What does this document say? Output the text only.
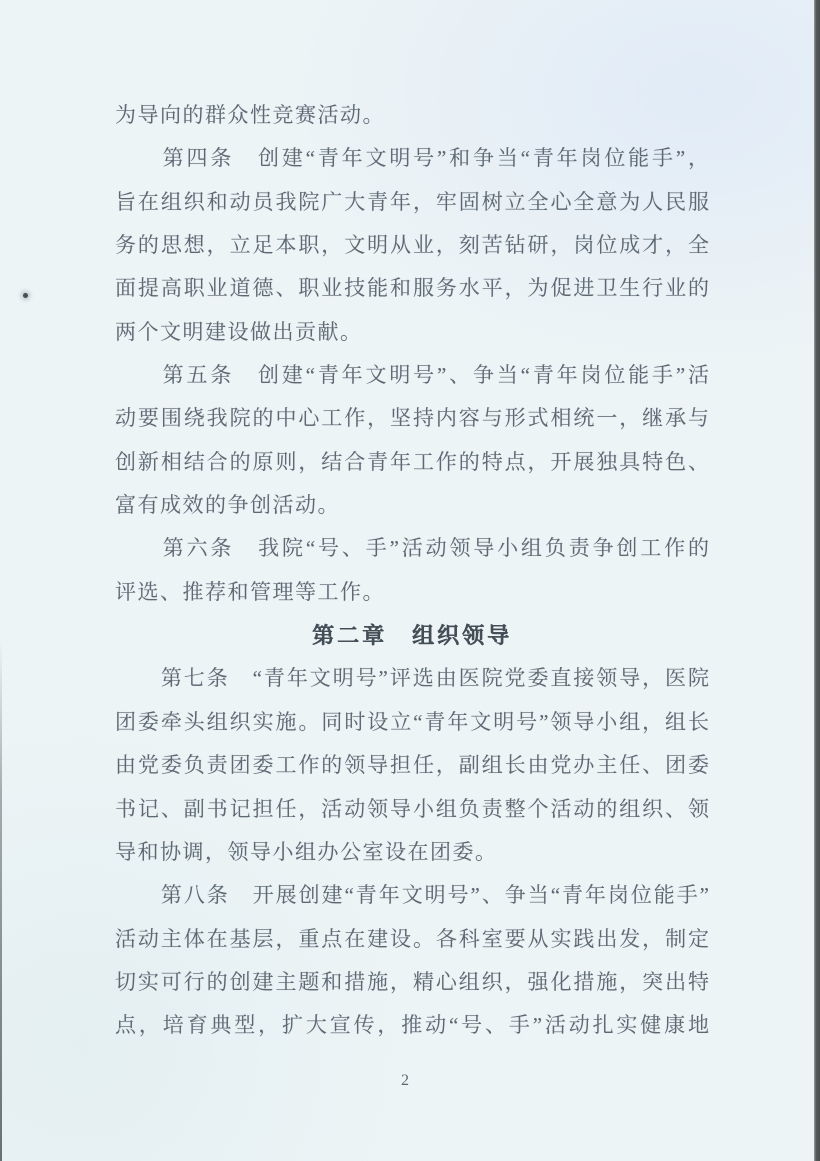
为导向的群众性竞赛活动。
　　第四条　创建“青年文明号”和争当“青年岗位能手”，
旨在组织和动员我院广大青年，牢固树立全心全意为人民服
务的思想，立足本职，文明从业，刻苦钻研，岗位成才，全
面提高职业道德、职业技能和服务水平，为促进卫生行业的
两个文明建设做出贡献。
　　第五条　创建“青年文明号”、争当“青年岗位能手”活
动要围绕我院的中心工作，坚持内容与形式相统一，继承与
创新相结合的原则，结合青年工作的特点，开展独具特色、
富有成效的争创活动。
　　第六条　我院“号、手”活动领导小组负责争创工作的
评选、推荐和管理等工作。
第二章　组织领导
　　第七条　“青年文明号”评选由医院党委直接领导，医院
团委牵头组织实施。同时设立“青年文明号”领导小组，组长
由党委负责团委工作的领导担任，副组长由党办主任、团委
书记、副书记担任，活动领导小组负责整个活动的组织、领
导和协调，领导小组办公室设在团委。
　　第八条　开展创建“青年文明号”、争当“青年岗位能手”
活动主体在基层，重点在建设。各科室要从实践出发，制定
切实可行的创建主题和措施，精心组织，强化措施，突出特
点，培育典型，扩大宣传，推动“号、手”活动扎实健康地
2
